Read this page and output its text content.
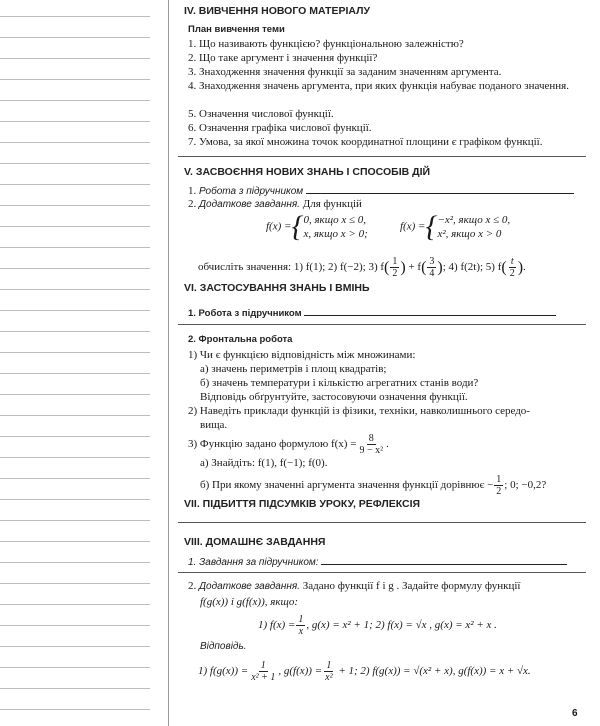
IV. ВИВЧЕННЯ НОВОГО МАТЕРІАЛУ
План вивчення теми
1. Що називають функцією? функціональною залежністю?
2. Що таке аргумент і значення функції?
3. Знаходження значення функції за заданим значенням аргумента.
4. Знаходження значень аргумента, при яких функція набуває поданого значення.
5. Означення числової функції.
6. Означення графіка числової функції.
7. Умова, за якої множина точок координатної площини є графіком функції.
V. ЗАСВОЄННЯ НОВИХ ЗНАНЬ І СПОСОБІВ ДІЙ
1. Робота з підручником
2. Додаткове завдання. Для функцій
f(x) ={ 0, якщо x ≤ 0,
x, якщо x > 0;
f(x) ={ −x², якщо x ≤ 0,
x², якщо x > 0
обчисліть значення: 1) f(1); 2) f(−2); 3) $f( \frac{1}{2}$ ) + $f( \frac{3}{4}$ ); 4) f(2t); 5) $f( \frac{t}{2}$ ).
VI. ЗАСТОСУВАННЯ ЗНАНЬ І ВМІНЬ
1. Робота з підручником
2. Фронтальна робота
1) Чи є функцією відповідність між множинами:
а) значень периметрів і площ квадратів;
б) значень температури і кількістю агрегатних станів води?
Відповідь обґрунтуйте, застосовуючи означення функції.
2) Наведіть приклади функцій із фізики, техніки, навколишнього середо-
вища.
3) Функцію задано формулою $f(x) = \frac{8}{\text{9 − x²}}$ .
а) Знайдіть: f(1), f(−1); f(0).
б) При якому значенні аргумента значення функції дорівнює − $\frac{1}{2}$ ; 0; −0,2?
VII. ПІДБИТТЯ ПІДСУМКІВ УРОКУ, РЕФЛЕКСІЯ
VIII. ДОМАШНЄ ЗАВДАННЯ
1. Завдання за підручником:
2. Додаткове завдання. Задано функції f і g . Задайте формулу функції
f(g(x)) і g(f(x)), якщо:
1) $f(x) = \frac{1}{x}$ , g(x) = x² + 1; 2) f(x) = √x , g(x) = x² + x .
Відповідь.
1) $f(g(x)) = \frac{1}{\text{x² + 1}}$ , $g(f(x)) = \frac{1}{\text{x²}} + 1$; 2) f(g(x)) = √(x² + x), g(f(x)) = x + √x.
6
